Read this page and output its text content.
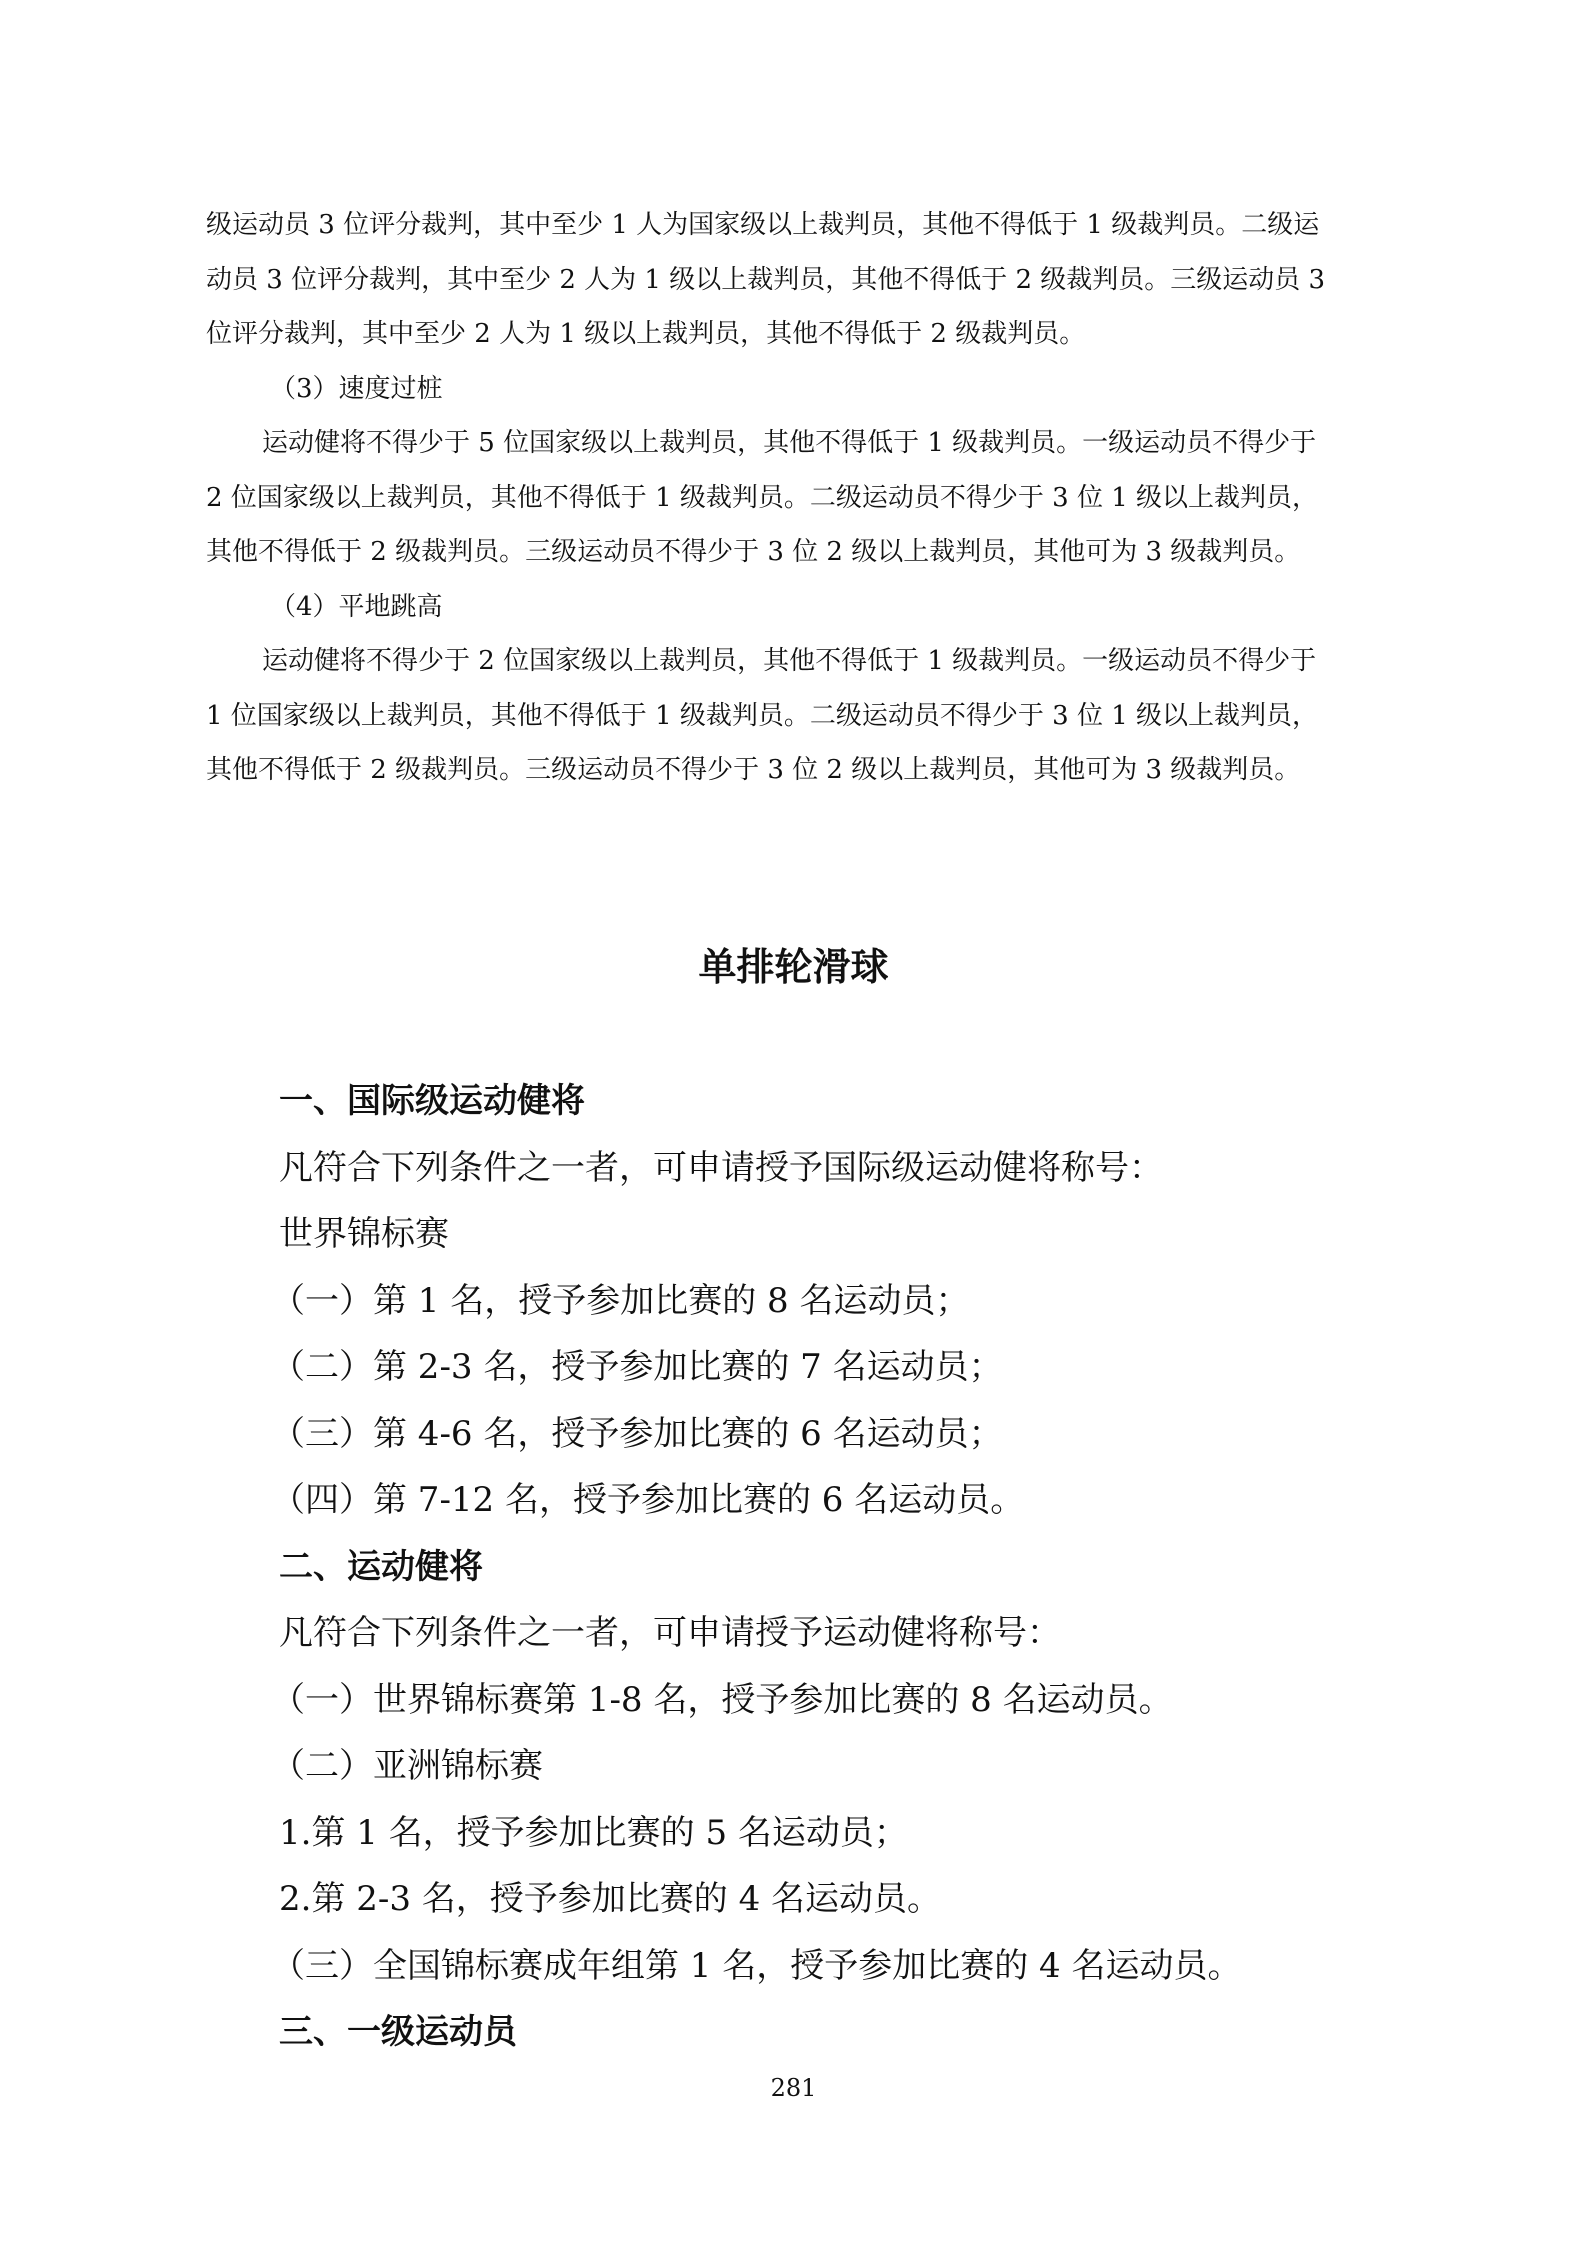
级运动员 3 位评分裁判，其中至少 1 人为国家级以上裁判员，其他不得低于 1 级裁判员。二级运

动员 3 位评分裁判，其中至少 2 人为 1 级以上裁判员，其他不得低于 2 级裁判员。三级运动员 3

位评分裁判，其中至少 2 人为 1 级以上裁判员，其他不得低于 2 级裁判员。

（3）速度过桩

运动健将不得少于 5 位国家级以上裁判员，其他不得低于 1 级裁判员。一级运动员不得少于

2 位国家级以上裁判员，其他不得低于 1 级裁判员。二级运动员不得少于 3 位 1 级以上裁判员，

其他不得低于 2 级裁判员。三级运动员不得少于 3 位 2 级以上裁判员，其他可为 3 级裁判员。

（4）平地跳高

运动健将不得少于 2 位国家级以上裁判员，其他不得低于 1 级裁判员。一级运动员不得少于

1 位国家级以上裁判员，其他不得低于 1 级裁判员。二级运动员不得少于 3 位 1 级以上裁判员，

其他不得低于 2 级裁判员。三级运动员不得少于 3 位 2 级以上裁判员，其他可为 3 级裁判员。

单排轮滑球

一、国际级运动健将

凡符合下列条件之一者，可申请授予国际级运动健将称号：

世界锦标赛

（一）第 1 名，授予参加比赛的 8 名运动员；

（二）第 2-3 名，授予参加比赛的 7 名运动员；

（三）第 4-6 名，授予参加比赛的 6 名运动员；

（四）第 7-12 名，授予参加比赛的 6 名运动员。

二、运动健将

凡符合下列条件之一者，可申请授予运动健将称号：

（一）世界锦标赛第 1-8 名，授予参加比赛的 8 名运动员。

（二）亚洲锦标赛

1.第 1 名，授予参加比赛的 5 名运动员；

2.第 2-3 名，授予参加比赛的 4 名运动员。

（三）全国锦标赛成年组第 1 名，授予参加比赛的 4 名运动员。

三、一级运动员

281
